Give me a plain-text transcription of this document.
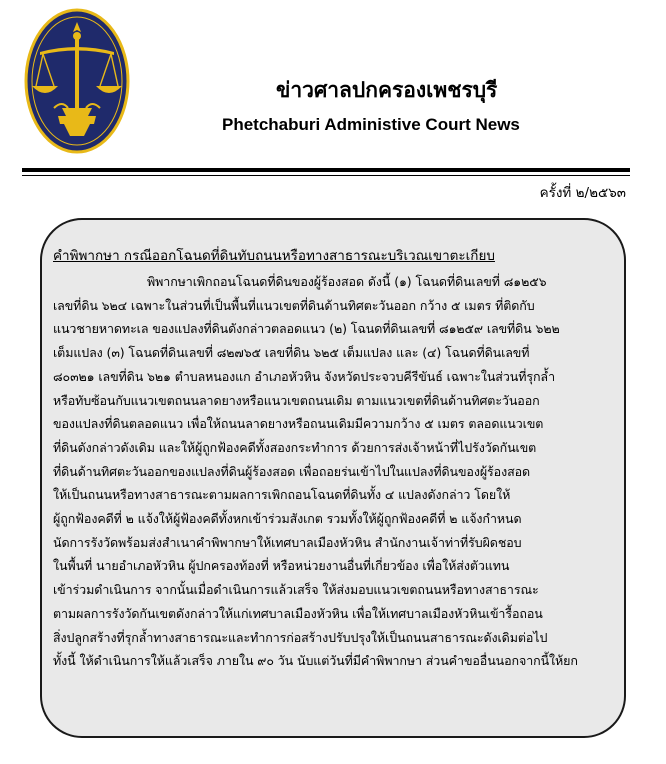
ข่าวศาลปกครองเพชรบุรี
Phetchaburi Administive Court News
ครั้งที่ ๒/๒๕๖๓
คำพิพากษา กรณีออกโฉนดที่ดินทับถนนหรือทางสาธารณะบริเวณเขาตะเกียบ
พิพากษาเพิกถอนโฉนดที่ดินของผู้ร้องสอด ดังนี้ (๑) โฉนดที่ดินเลขที่ ๘๑๒๕๖
เลขที่ดิน ๖๒๔ เฉพาะในส่วนที่เป็นพื้นที่แนวเขตที่ดินด้านทิศตะวันออก กว้าง ๕ เมตร ที่ติดกับ
แนวชายหาดทะเล ของแปลงที่ดินดังกล่าวตลอดแนว (๒) โฉนดที่ดินเลขที่ ๘๑๒๕๙ เลขที่ดิน ๖๒๒
เต็มแปลง (๓) โฉนดที่ดินเลขที่ ๘๒๗๖๕ เลขที่ดิน ๖๒๕ เต็มแปลง และ (๔) โฉนดที่ดินเลขที่
๘๐๓๒๑ เลขที่ดิน ๖๒๑ ตำบลหนองแก อำเภอหัวหิน จังหวัดประจวบคีรีขันธ์ เฉพาะในส่วนที่รุกล้ำ
หรือทับซ้อนกับแนวเขตถนนลาดยางหรือแนวเขตถนนเดิม ตามแนวเขตที่ดินด้านทิศตะวันออก
ของแปลงที่ดินตลอดแนว เพื่อให้ถนนลาดยางหรือถนนเดิมมีความกว้าง ๕ เมตร ตลอดแนวเขต
ที่ดินดังกล่าวดังเดิม และให้ผู้ถูกฟ้องคดีทั้งสองกระทำการ ด้วยการส่งเจ้าหน้าที่ไปรังวัดกันเขต
ที่ดินด้านทิศตะวันออกของแปลงที่ดินผู้ร้องสอด เพื่อถอยร่นเข้าไปในแปลงที่ดินของผู้ร้องสอด
ให้เป็นถนนหรือทางสาธารณะตามผลการเพิกถอนโฉนดที่ดินทั้ง ๔ แปลงดังกล่าว โดยให้
ผู้ถูกฟ้องคดีที่ ๒ แจ้งให้ผู้ฟ้องคดีทั้งหกเข้าร่วมสังเกต รวมทั้งให้ผู้ถูกฟ้องคดีที่ ๒ แจ้งกำหนด
นัดการรังวัดพร้อมส่งสำเนาคำพิพากษาให้เทศบาลเมืองหัวหิน สำนักงานเจ้าท่าที่รับผิดชอบ
ในพื้นที่ นายอำเภอหัวหิน ผู้ปกครองท้องที่ หรือหน่วยงานอื่นที่เกี่ยวข้อง เพื่อให้ส่งตัวแทน
เข้าร่วมดำเนินการ จากนั้นเมื่อดำเนินการแล้วเสร็จ ให้ส่งมอบแนวเขตถนนหรือทางสาธารณะ
ตามผลการรังวัดกันเขตดังกล่าวให้แก่เทศบาลเมืองหัวหิน เพื่อให้เทศบาลเมืองหัวหินเข้ารื้อถอน
สิ่งปลูกสร้างที่รุกล้ำทางสาธารณะและทำการก่อสร้างปรับปรุงให้เป็นถนนสาธารณะดังเดิมต่อไป
ทั้งนี้ ให้ดำเนินการให้แล้วเสร็จ ภายใน ๙๐ วัน นับแต่วันที่มีคำพิพากษา ส่วนคำขออื่นนอกจากนี้ให้ยก
